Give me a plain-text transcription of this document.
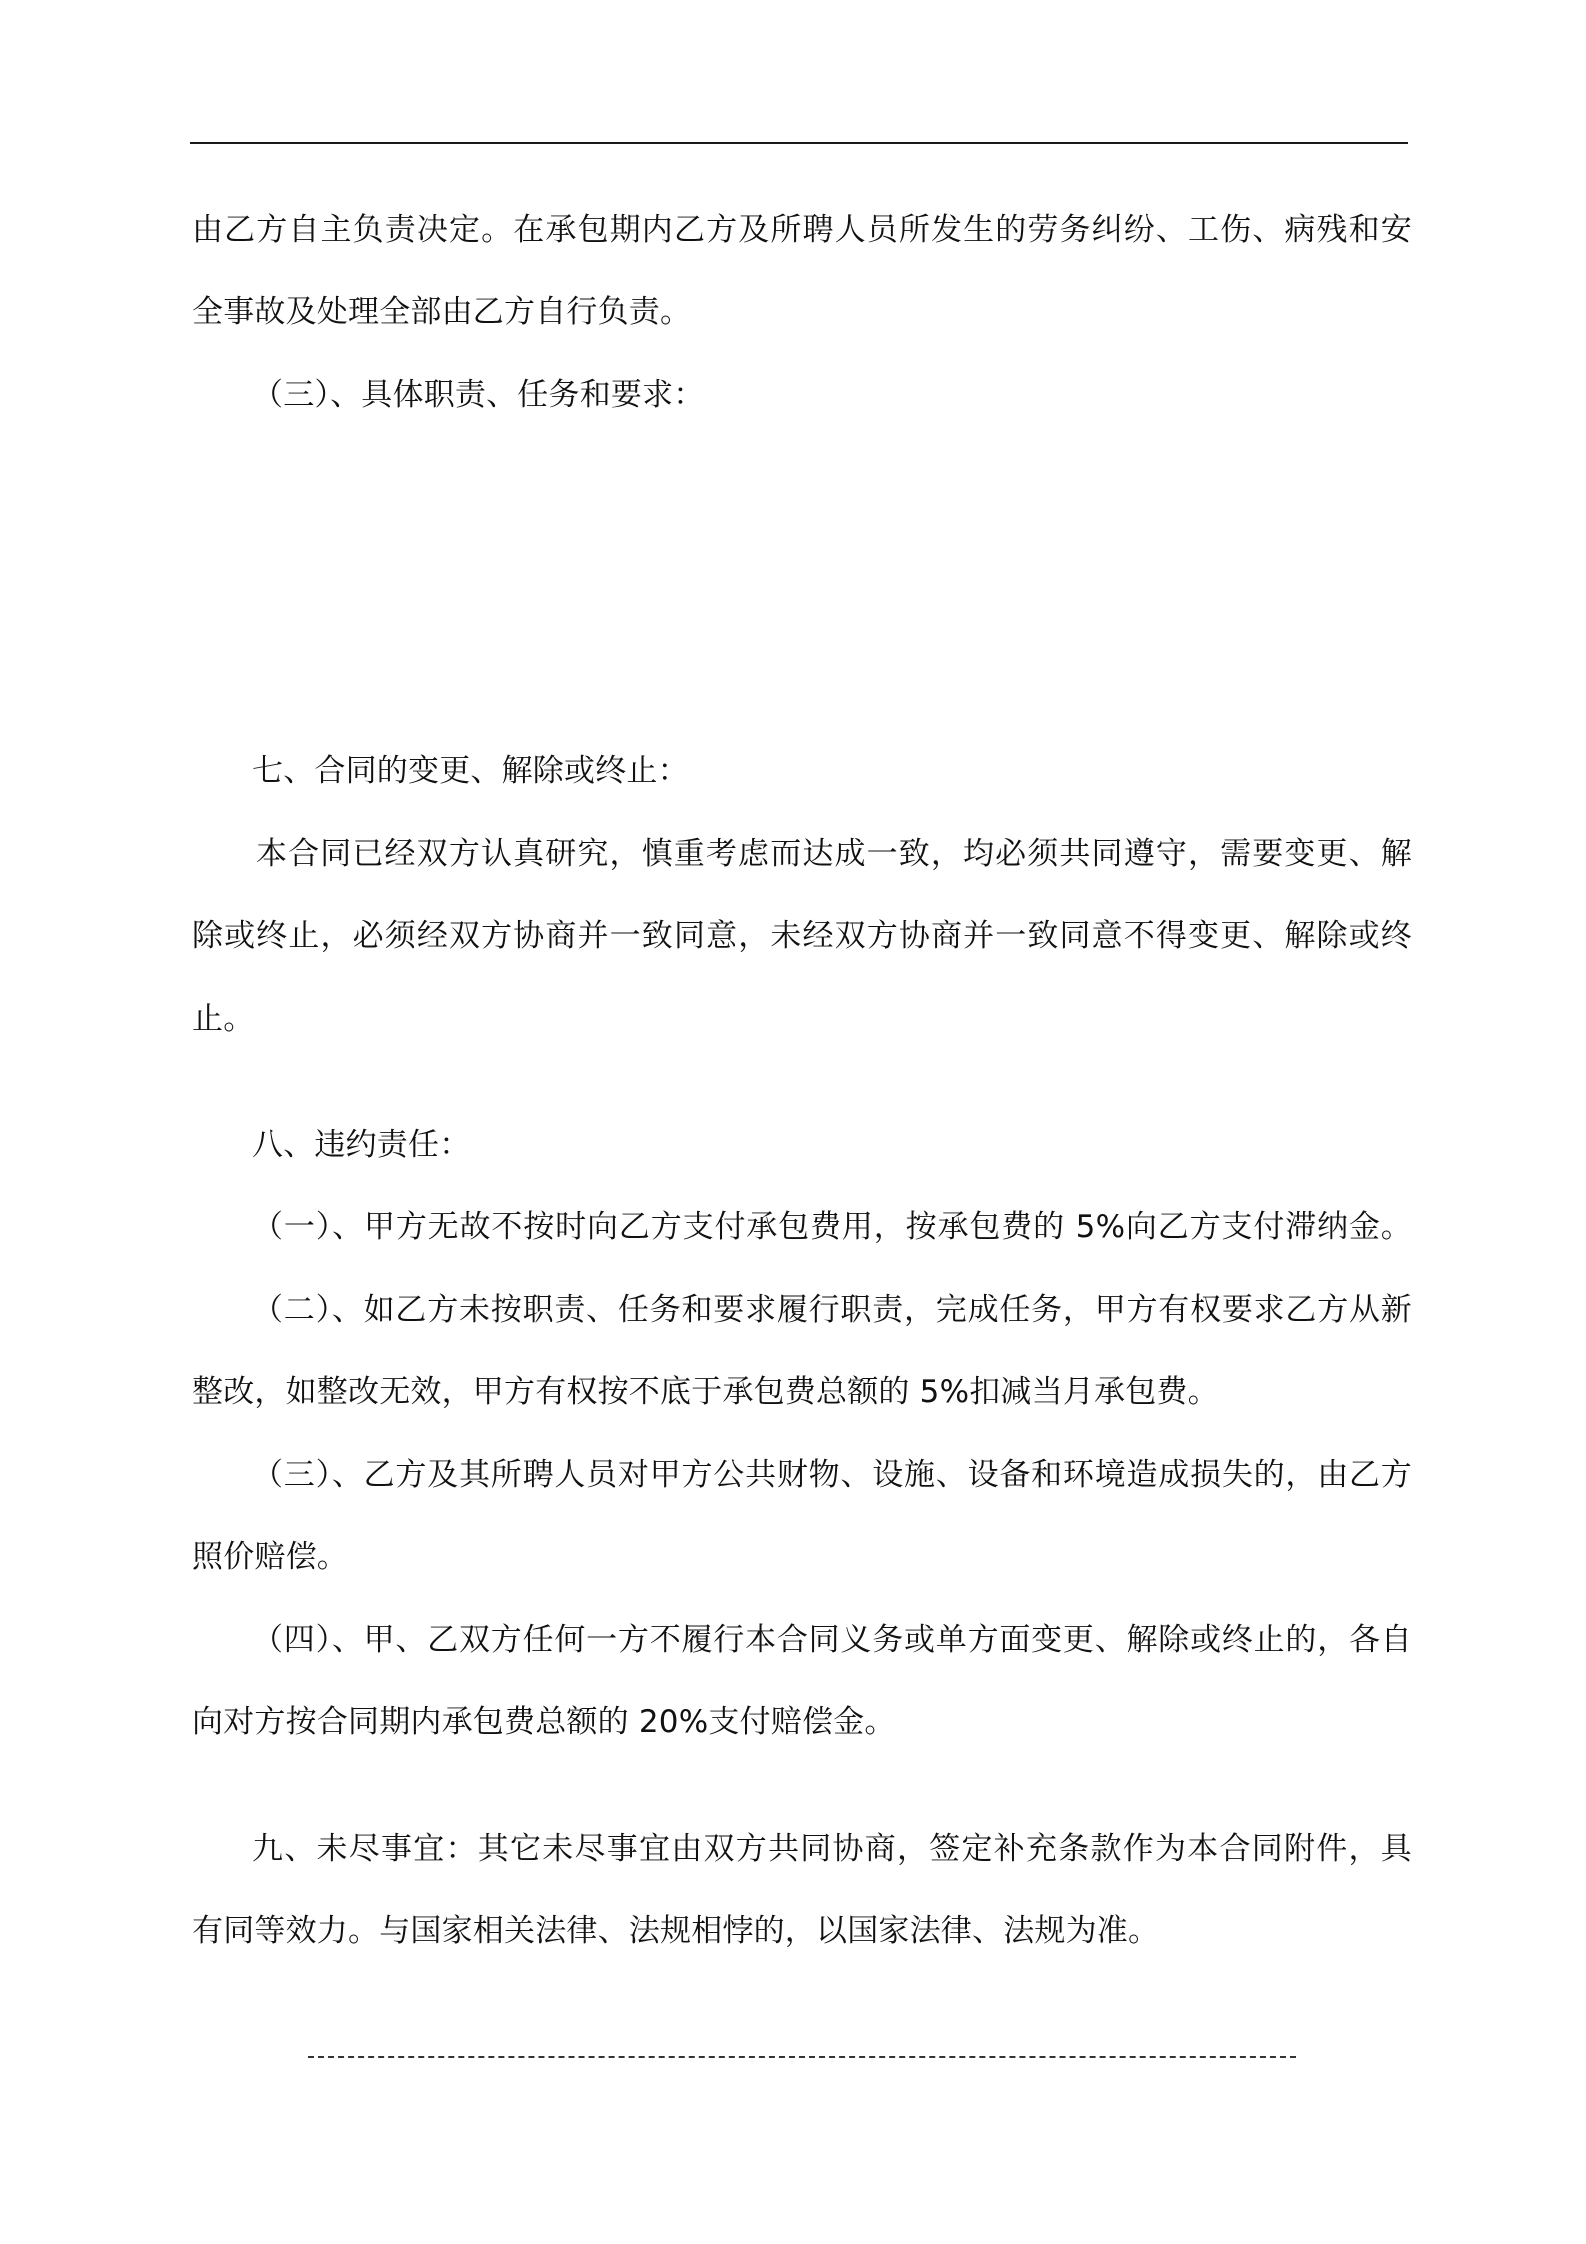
由乙方自主负责决定。在承包期内乙方及所聘人员所发生的劳务纠纷、工伤、病残和安
全事故及处理全部由乙方自行负责。
（三）、具体职责、任务和要求：
七、合同的变更、解除或终止：
本合同已经双方认真研究，慎重考虑而达成一致，均必须共同遵守，需要变更、解
除或终止，必须经双方协商并一致同意，未经双方协商并一致同意不得变更、解除或终
止。
八、违约责任：
（一）、甲方无故不按时向乙方支付承包费用，按承包费的 5%向乙方支付滞纳金。
（二）、如乙方未按职责、任务和要求履行职责，完成任务，甲方有权要求乙方从新
整改，如整改无效，甲方有权按不底于承包费总额的 5%扣减当月承包费。
（三）、乙方及其所聘人员对甲方公共财物、设施、设备和环境造成损失的，由乙方
照价赔偿。
（四）、甲、乙双方任何一方不履行本合同义务或单方面变更、解除或终止的，各自
向对方按合同期内承包费总额的 20%支付赔偿金。
九、未尽事宜：其它未尽事宜由双方共同协商，签定补充条款作为本合同附件，具
有同等效力。与国家相关法律、法规相悖的，以国家法律、法规为准。
